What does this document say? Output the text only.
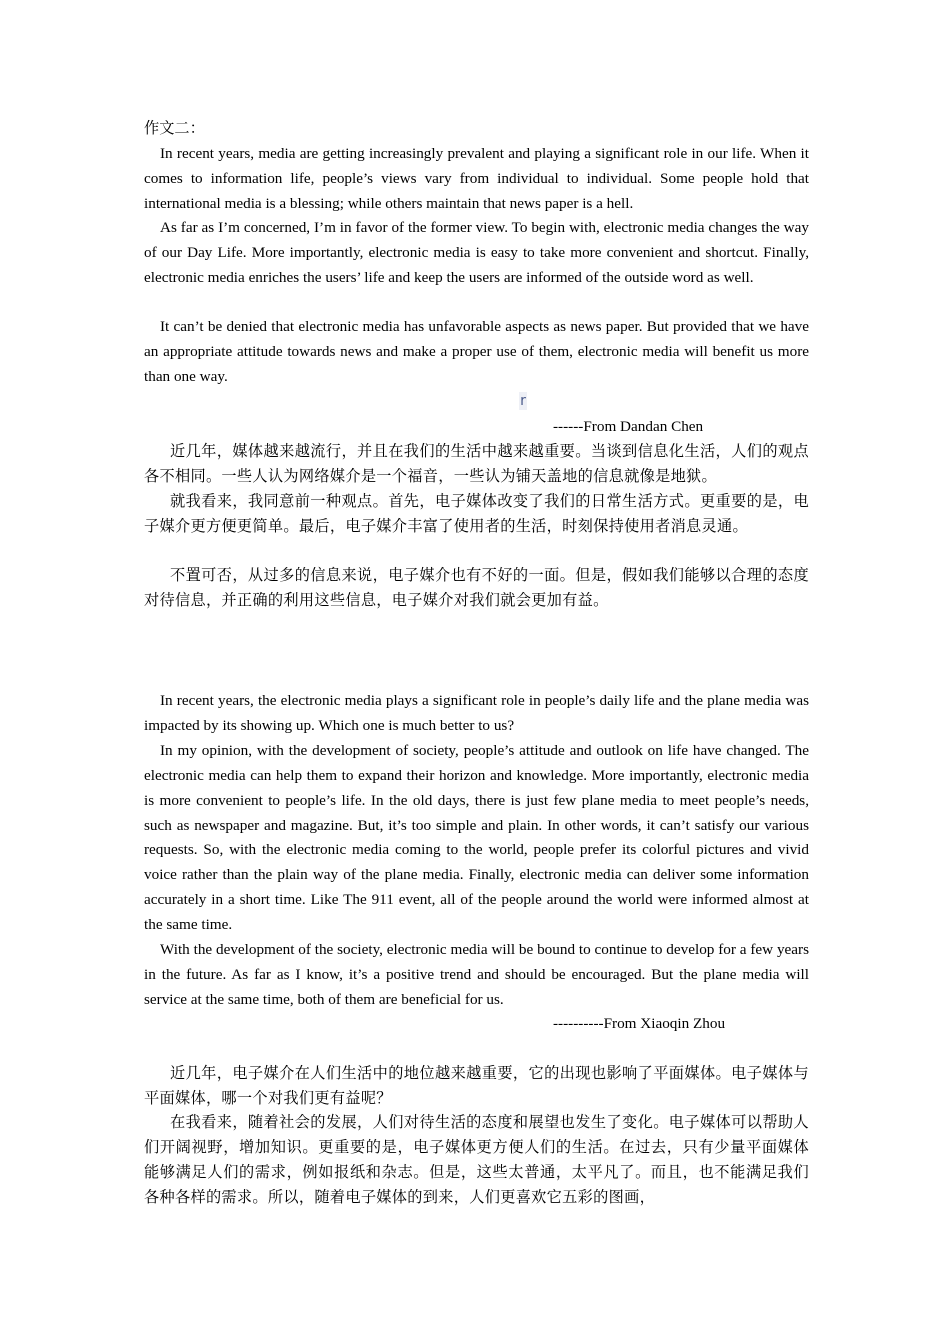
作文二：

In recent years, media are getting increasingly prevalent and playing a significant role in our life. When it comes to information life, people’s views vary from individual to individual. Some people hold that international media is a blessing; while others maintain that news paper is a hell.

As far as I’m concerned, I’m in favor of the former view. To begin with, electronic media changes the way of our Day Life. More importantly, electronic media is easy to take more convenient and shortcut. Finally, electronic media enriches the users’ life and keep the users are informed of the outside word as well.

It can’t be denied that electronic media has unfavorable aspects as news paper. But provided that we have an appropriate attitude towards news and make a proper use of them, electronic media will benefit us more than one way.

r
------From Dandan Chen

近几年，媒体越来越流行，并且在我们的生活中越来越重要。当谈到信息化生活，人们的观点各不相同。一些人认为网络媒介是一个福音，一些认为铺天盖地的信息就像是地狱。

就我看来，我同意前一种观点。首先，电子媒体改变了我们的日常生活方式。更重要的是，电子媒介更方便更简单。最后，电子媒介丰富了使用者的生活，时刻保持使用者消息灵通。

不置可否，从过多的信息来说，电子媒介也有不好的一面。但是，假如我们能够以合理的态度对待信息，并正确的利用这些信息，电子媒介对我们就会更加有益。

In recent years, the electronic media plays a significant role in people’s daily life and the plane media was impacted by its showing up. Which one is much better to us?

In my opinion, with the development of society, people’s attitude and outlook on life have changed. The electronic media can help them to expand their horizon and knowledge. More importantly, electronic media is more convenient to people’s life. In the old days, there is just few plane media to meet people’s needs, such as newspaper and magazine. But, it’s too simple and plain. In other words, it can’t satisfy our various requests. So, with the electronic media coming to the world, people prefer its colorful pictures and vivid voice rather than the plain way of the plane media. Finally, electronic media can deliver some information accurately in a short time. Like The 911 event, all of the people around the world were informed almost at the same time.

With the development of the society, electronic media will be bound to continue to develop for a few years in the future. As far as I know, it’s a positive trend and should be encouraged. But the plane media will service at the same time, both of them are beneficial for us.

----------From Xiaoqin Zhou

近几年，电子媒介在人们生活中的地位越来越重要，它的出现也影响了平面媒体。电子媒体与平面媒体，哪一个对我们更有益呢？

在我看来，随着社会的发展，人们对待生活的态度和展望也发生了变化。电子媒体可以帮助人们开阔视野，增加知识。更重要的是，电子媒体更方便人们的生活。在过去，只有少量平面媒体能够满足人们的需求，例如报纸和杂志。但是，这些太普通，太平凡了。而且，也不能满足我们各种各样的需求。所以，随着电子媒体的到来，人们更喜欢它五彩的图画，
